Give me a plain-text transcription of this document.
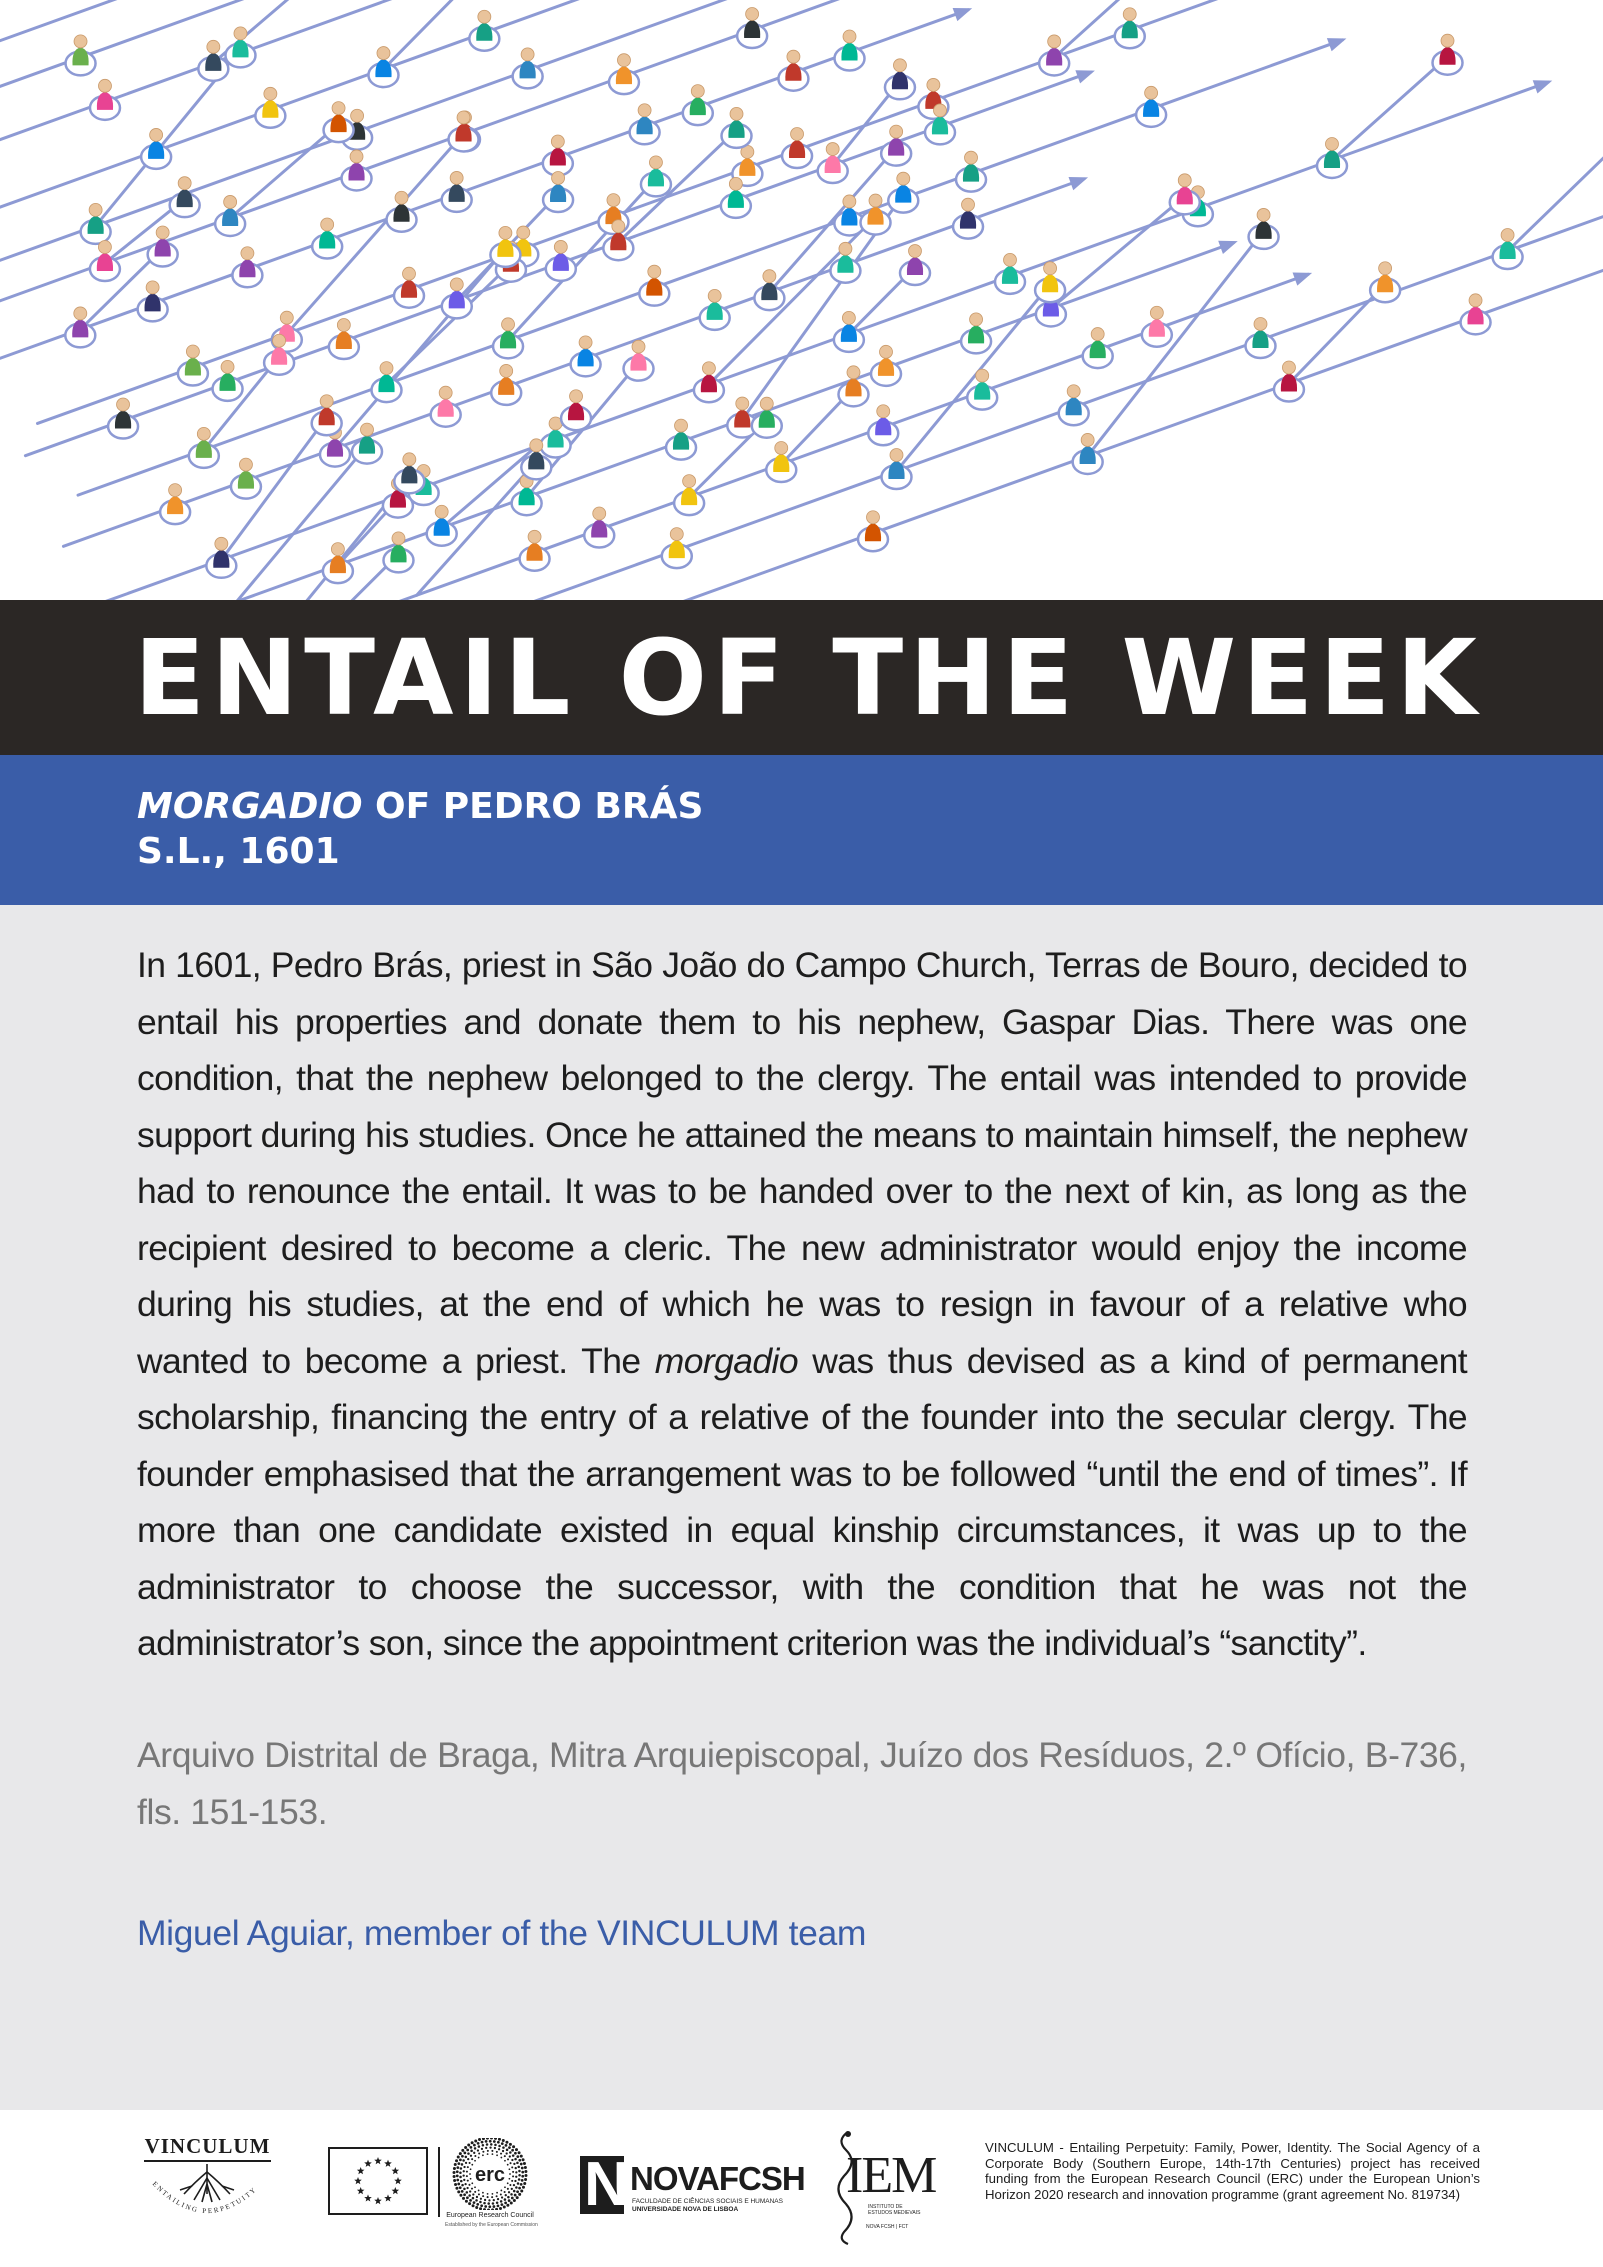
ENTAIL OF THE WEEK
MORGADIO OF PEDRO BRÁS
S.L., 1601

In 1601, Pedro Brás, priest in São João do Campo Church, Terras de Bouro, decided to entail his properties and donate them to his nephew, Gaspar Dias. There was one condition, that the nephew belonged to the clergy. The entail was intended to provide support during his studies. Once he attained the means to maintain himself, the nephew had to renounce the entail. It was to be handed over to the next of kin, as long as the recipient desired to become a cleric. The new administrator would enjoy the income during his studies, at the end of which he was to resign in favour of a relative who wanted to become a priest. The morgadio was thus devised as a kind of permanent scholarship, financing the entry of a relative of the founder into the secular clergy. The founder emphasised that the arrangement was to be followed “until the end of times”. If more than one candidate existed in equal kinship circumstances, it was up to the administrator to choose the successor, with the condition that he was not the administrator’s son, since the appointment criterion was the individual’s “sanctity”.

Arquivo Distrital de Braga, Mitra Arquiepiscopal, Juízo dos Resíduos, 2.º Ofício, B-736, fls. 151-153.

Miguel Aguiar, member of the VINCULUM team

VINCULUM
ENTAILING PERPETUITY
erc
European Research Council
Established by the European Commission
N NOVAFCSH
FACULDADE DE CIÊNCIAS SOCIAIS E HUMANAS
UNIVERSIDADE NOVA DE LISBOA
IEM
INSTITUTO DE ESTUDOS MEDIEVAIS
NOVA FCSH | FCT

VINCULUM - Entailing Perpetuity: Family, Power, Identity. The Social Agency of a Corporate Body (Southern Europe, 14th-17th Centuries) project has received funding from the European Research Council (ERC) under the European Union’s Horizon 2020 research and innovation programme (grant agreement No. 819734)
